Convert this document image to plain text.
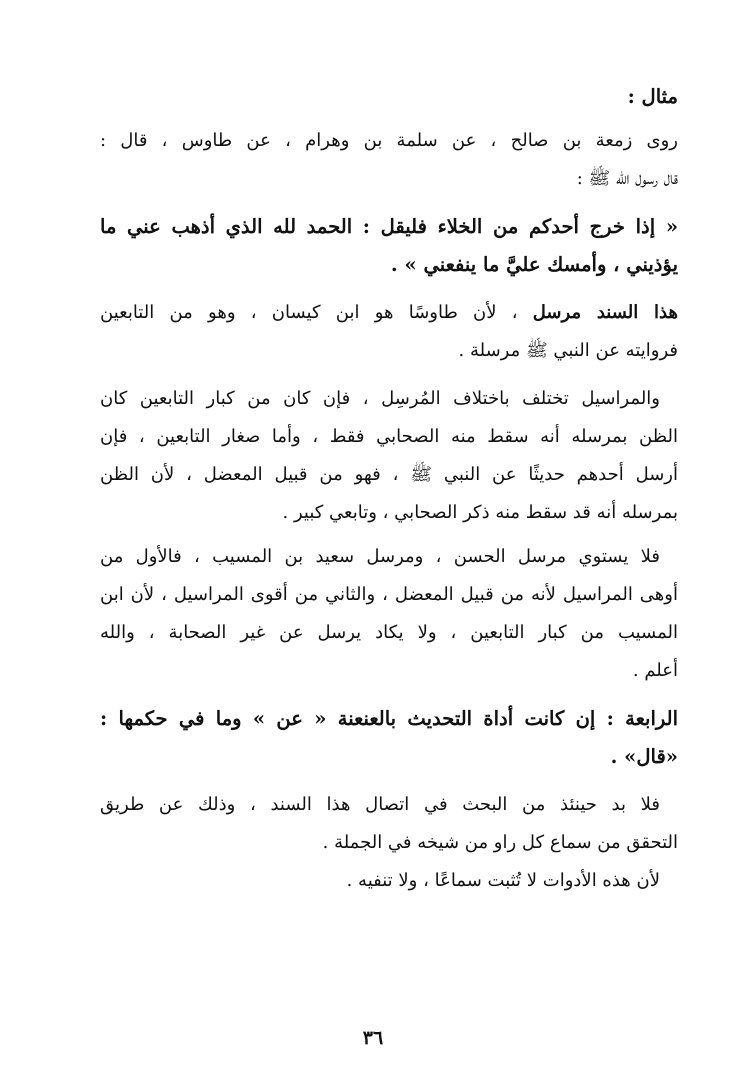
مثال :
روى زمعة بن صالح ، عن سلمة بن وهرام ، عن طاوس ، قال :
قال رسول الله ﷺ :
« إذا خرج أحدكم من الخلاء فليقل : الحمد لله الذي أذهب عني ما
يؤذيني ، وأمسك عليَّ ما ينفعني » .
هذا السند مرسل ، لأن طاوسًا هو ابن كيسان ، وهو من التابعين
فروايته عن النبي ﷺ مرسلة .
والمراسيل تختلف باختلاف المُرسِل ، فإن كان من كبار التابعين كان
الظن بمرسله أنه سقط منه الصحابي فقط ، وأما صغار التابعين ، فإن
أرسل أحدهم حديثًا عن النبي ﷺ ، فهو من قبيل المعضل ، لأن الظن
بمرسله أنه قد سقط منه ذكر الصحابي ، وتابعي كبير .
فلا يستوي مرسل الحسن ، ومرسل سعيد بن المسيب ، فالأول من
أوهى المراسيل لأنه من قبيل المعضل ، والثاني من أقوى المراسيل ، لأن ابن
المسيب من كبار التابعين ، ولا يكاد يرسل عن غير الصحابة ، والله
أعلم .
الرابعة : إن كانت أداة التحديث بالعنعنة « عن » وما في حكمها :
«قال» .
فلا بد حينئذ من البحث في اتصال هذا السند ، وذلك عن طريق
التحقق من سماع كل راو من شيخه في الجملة .
لأن هذه الأدوات لا تُثبت سماعًا ، ولا تنفيه .
٣٦
